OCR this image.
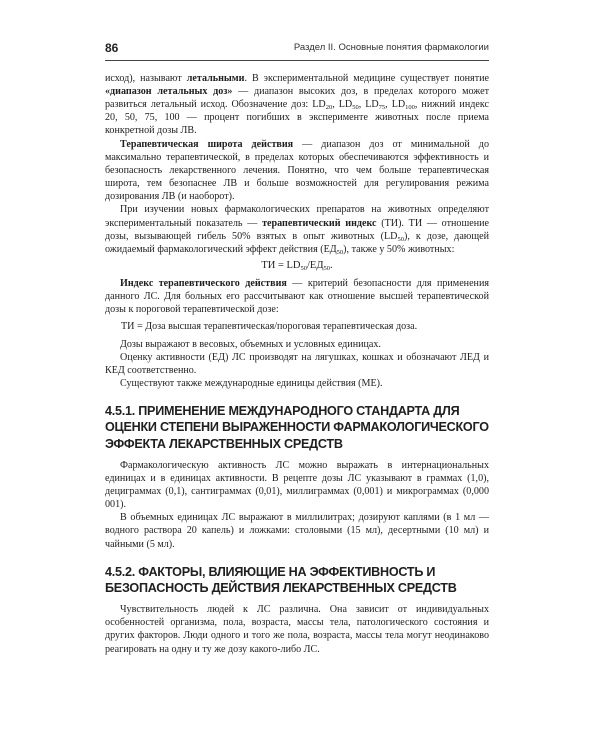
86	Раздел II. Основные понятия фармакологии

исход), называют летальными. В экспериментальной медицине существует понятие «диапазон летальных доз» — диапазон высоких доз, в пределах которого может развиться летальный исход. Обозначение доз: $LD_{20}$, $LD_{50}$, $LD_{75}$, $LD_{100}$, нижний индекс 20, 50, 75, 100 — процент погибших в эксперименте животных после приема конкретной дозы ЛВ.

Терапевтическая широта действия — диапазон доз от минимальной до максимально терапевтической, в пределах которых обеспечиваются эффективность и безопасность лекарственного лечения. Понятно, что чем больше терапевтическая широта, тем безопаснее ЛВ и больше возможностей для регулирования режима дозирования ЛВ (и наоборот).

При изучении новых фармакологических препаратов на животных определяют экспериментальный показатель — терапевтический индекс (ТИ). ТИ — отношение дозы, вызывающей гибель 50% взятых в опыт животных $(LD_{50})$, к дозе, дающей ожидаемый фармакологический эффект действия $(ЕД_{50})$, также у 50% животных:

ТИ = $LD_{50}/ЕД_{50}$.

Индекс терапевтического действия — критерий безопасности для применения данного ЛС. Для больных его рассчитывают как отношение высшей терапевтической дозы к пороговой терапевтической дозе:

ТИ = Доза высшая терапевтическая/пороговая терапевтическая доза.

Дозы выражают в весовых, объемных и условных единицах.

Оценку активности (ЕД) ЛС производят на лягушках, кошках и обозначают ЛЕД и КЕД соответственно.

Существуют также международные единицы действия (МЕ).

4.5.1. ПРИМЕНЕНИЕ МЕЖДУНАРОДНОГО СТАНДАРТА ДЛЯ ОЦЕНКИ СТЕПЕНИ ВЫРАЖЕННОСТИ ФАРМАКОЛОГИЧЕСКОГО ЭФФЕКТА ЛЕКАРСТВЕННЫХ СРЕДСТВ

Фармакологическую активность ЛС можно выражать в интернациональных единицах и в единицах активности. В рецепте дозы ЛС указывают в граммах (1,0), дециграммах (0,1), сантиграммах (0,01), миллиграммах (0,001) и микрограммах (0,000 001).

В объемных единицах ЛС выражают в миллилитрах; дозируют каплями (в 1 мл — водного раствора 20 капель) и ложками: столовыми (15 мл), десертными (10 мл) и чайными (5 мл).

4.5.2. ФАКТОРЫ, ВЛИЯЮЩИЕ НА ЭФФЕКТИВНОСТЬ И БЕЗОПАСНОСТЬ ДЕЙСТВИЯ ЛЕКАРСТВЕННЫХ СРЕДСТВ

Чувствительность людей к ЛС различна. Она зависит от индивидуальных особенностей организма, пола, возраста, массы тела, патологического состояния и других факторов. Люди одного и того же пола, возраста, массы тела могут неодинаково реагировать на одну и ту же дозу какого-либо ЛС.
